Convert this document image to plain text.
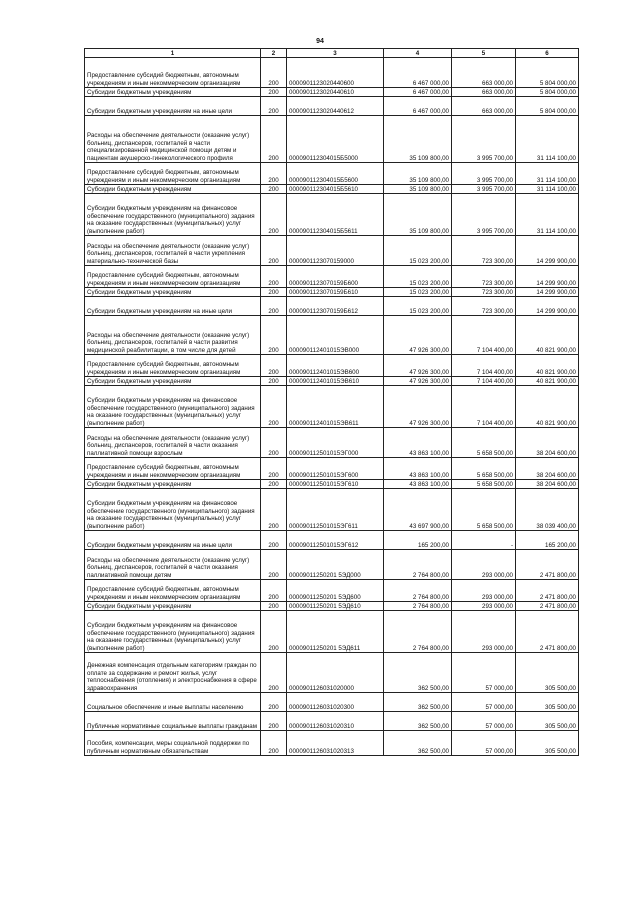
94
1	2	3	4	5	6
Предоставление субсидий бюджетным, автономным учреждениям и иным некоммерческим организациям	200	0000901123020440600	6 467 000,00	663 000,00	5 804 000,00
Субсидии бюджетным учреждениям	200	0000901123020440610	6 467 000,00	663 000,00	5 804 000,00
Субсидии бюджетным учреждениям на иные цели	200	0000901123020440612	6 467 000,00	663 000,00	5 804 000,00
Расходы на обеспечение деятельности (оказание услуг) больниц, диспансеров, госпиталей в части специализированной медицинской помощи детям и пациентам акушерско-гинекологического профиля	200	000090112304015Б5000	35 109 800,00	3 995 700,00	31 114 100,00
Предоставление субсидий бюджетным, автономным учреждениям и иным некоммерческим организациям	200	000090112304015Б5600	35 109 800,00	3 995 700,00	31 114 100,00
Субсидии бюджетным учреждениям	200	000090112304015Б5610	35 109 800,00	3 995 700,00	31 114 100,00
Субсидии бюджетным учреждениям на финансовое обеспечение государственного (муниципального) задания на оказание государственных (муниципальных) услуг (выполнение работ)	200	000090112304015Б5611	35 109 800,00	3 995 700,00	31 114 100,00
Расходы на обеспечение деятельности (оказание услуг) больниц, диспансеров, госпиталей в части укрепления материально-технической базы	200	0000901123070159000	15 023 200,00	723 300,00	14 299 900,00
Предоставление субсидий бюджетным, автономным учреждениям и иным некоммерческим организациям	200	0000901123070159Б600	15 023 200,00	723 300,00	14 299 900,00
Субсидии бюджетным учреждениям	200	0000901123070159Б610	15 023 200,00	723 300,00	14 299 900,00
Субсидии бюджетным учреждениям на иные цели	200	0000901123070159Б612	15 023 200,00	723 300,00	14 299 900,00
Расходы на обеспечение деятельности (оказание услуг) больниц, диспансеров, госпиталей в части развития медицинской реабилитации, в том числе для детей	200	000090112401015ЭВ000	47 926 300,00	7 104 400,00	40 821 900,00
Предоставление субсидий бюджетным, автономным учреждениям и иным некоммерческим организациям	200	000090112401015ЭВ600	47 926 300,00	7 104 400,00	40 821 900,00
Субсидии бюджетным учреждениям	200	000090112401015ЭВ610	47 926 300,00	7 104 400,00	40 821 900,00
Субсидии бюджетным учреждениям на финансовое обеспечение государственного (муниципального) задания на оказание государственных (муниципальных) услуг (выполнение работ)	200	000090112401015ЭВ611	47 926 300,00	7 104 400,00	40 821 900,00
Расходы на обеспечение деятельности (оказание услуг) больниц, диспансеров, госпиталей в части оказания паллиативной помощи взрослым	200	000090112501015ЭГ000	43 863 100,00	5 658 500,00	38 204 600,00
Предоставление субсидий бюджетным, автономным учреждениям и иным некоммерческим организациям	200	000090112501015ЭГ600	43 863 100,00	5 658 500,00	38 204 600,00
Субсидии бюджетным учреждениям	200	000090112501015ЭГ610	43 863 100,00	5 658 500,00	38 204 600,00
Субсидии бюджетным учреждениям на финансовое обеспечение государственного (муниципального) задания на оказание государственных (муниципальных) услуг (выполнение работ)	200	000090112501015ЭГ611	43 697 900,00	5 658 500,00	38 039 400,00
Субсидии бюджетным учреждениям на иные цели	200	000090112501015ЭГ612	165 200,00	-	165 200,00
Расходы на обеспечение деятельности (оказание услуг) больниц, диспансеров, госпиталей в части оказания паллиативной помощи детям	200	00009011250201 5ЭД000	2 764 800,00	293 000,00	2 471 800,00
Предоставление субсидий бюджетным, автономным учреждениям и иным некоммерческим организациям	200	00009011250201 5ЭД600	2 764 800,00	293 000,00	2 471 800,00
Субсидии бюджетным учреждениям	200	00009011250201 5ЭД610	2 764 800,00	293 000,00	2 471 800,00
Субсидии бюджетным учреждениям на финансовое обеспечение государственного (муниципального) задания на оказание государственных (муниципальных) услуг (выполнение работ)	200	00009011250201 5ЭД611	2 764 800,00	293 000,00	2 471 800,00
Денежная компенсация отдельным категориям граждан по оплате за содержание и ремонт жилья, услуг теплоснабжения (отопления) и электроснабжения в сфере здравоохранения	200	0000901126031020000	362 500,00	57 000,00	305 500,00
Социальное обеспечение и иные выплаты населению	200	0000901126031020300	362 500,00	57 000,00	305 500,00
Публичные нормативные социальные выплаты гражданам	200	0000901126031020310	362 500,00	57 000,00	305 500,00
Пособия, компенсации, меры социальной поддержки по публичным нормативным обязательствам	200	0000901126031020313	362 500,00	57 000,00	305 500,00
